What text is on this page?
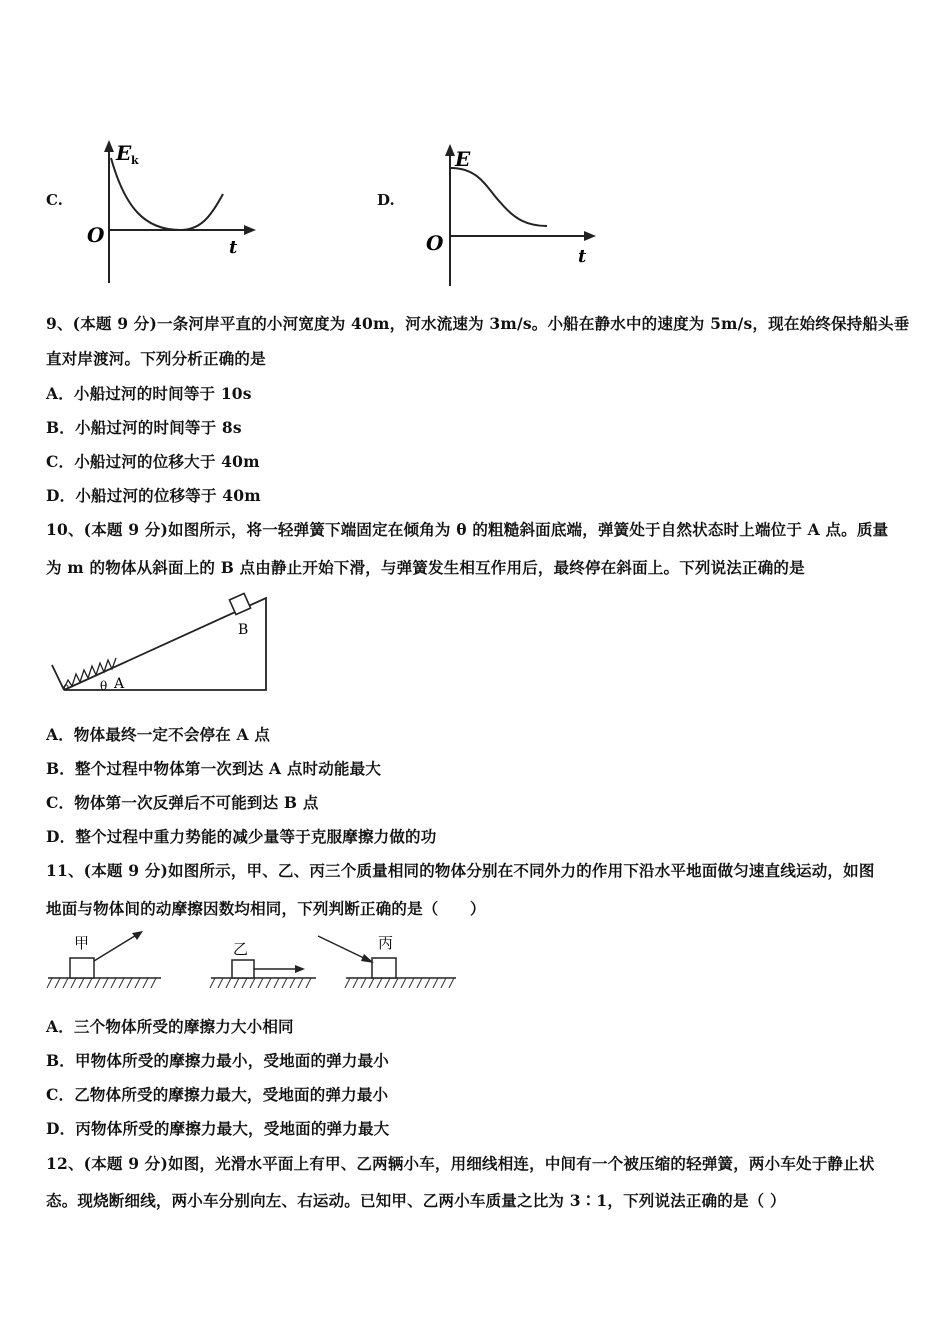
C.
E k
O
t
D.
E
O
t
9、(本题 9 分)一条河岸平直的小河宽度为 40m，河水流速为 3m/s。小船在静水中的速度为 5m/s，现在始终保持船头垂
直对岸渡河。下列分析正确的是
A．小船过河的时间等于 10s
B．小船过河的时间等于 8s
C．小船过河的位移大于 40m
D．小船过河的位移等于 40m
10、(本题 9 分)如图所示，将一轻弹簧下端固定在倾角为 θ 的粗糙斜面底端，弹簧处于自然状态时上端位于 A 点。质量
为 m 的物体从斜面上的 B 点由静止开始下滑，与弹簧发生相互作用后，最终停在斜面上。下列说法正确的是
B
A
θ
A．物体最终一定不会停在 A 点
B．整个过程中物体第一次到达 A 点时动能最大
C．物体第一次反弹后不可能到达 B 点
D．整个过程中重力势能的减少量等于克服摩擦力做的功
11、(本题 9 分)如图所示，甲、乙、丙三个质量相同的物体分别在不同外力的作用下沿水平地面做匀速直线运动，如图
地面与物体间的动摩擦因数均相同，下列判断正确的是（　　）
甲	乙	丙
A．三个物体所受的摩擦力大小相同
B．甲物体所受的摩擦力最小，受地面的弹力最小
C．乙物体所受的摩擦力最大，受地面的弹力最小
D．丙物体所受的摩擦力最大，受地面的弹力最大
12、(本题 9 分)如图，光滑水平面上有甲、乙两辆小车，用细线相连，中间有一个被压缩的轻弹簧，两小车处于静止状
态。现烧断细线，两小车分别向左、右运动。已知甲、乙两小车质量之比为 3∶1，下列说法正确的是（ ）
